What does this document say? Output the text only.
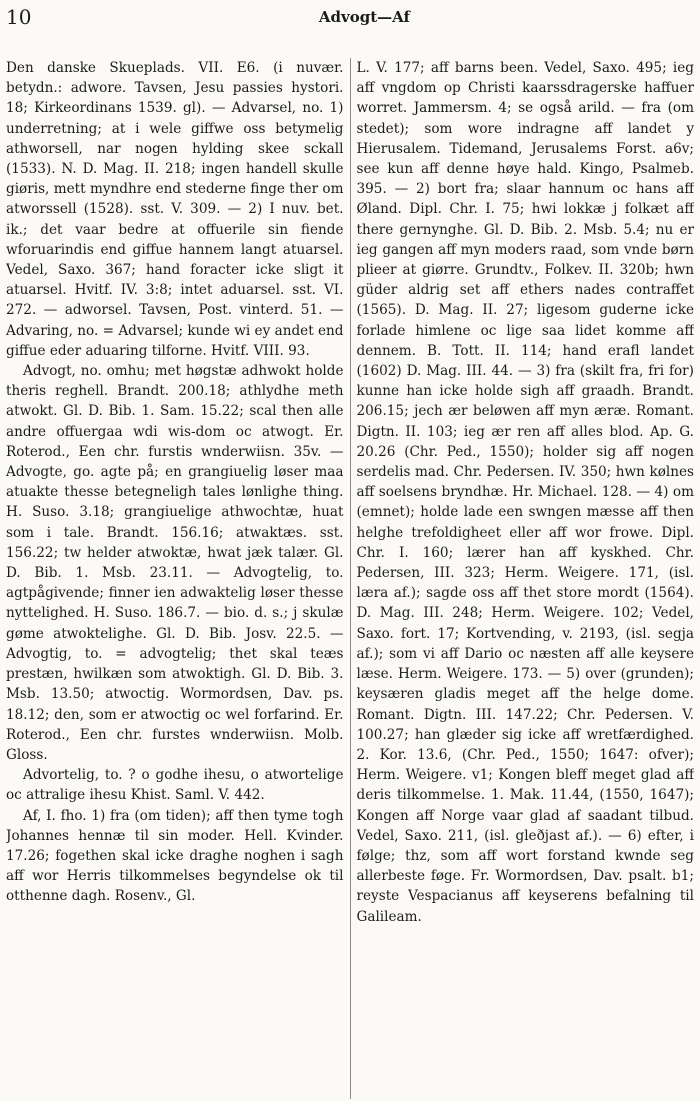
10	Advogt—Af

Den danske Skueplads. VII. E6. (i nuvær. betydn.: adwore. Tavsen, Jesu passies hystori. 18; Kirkeordinans 1539. gl). — Advarsel, no. 1) underretning; at i wele giffwe oss betymelig athworsell, nar nogen hylding skee sckall (1533). N. D. Mag. II. 218; ingen handell skulle giøris, mett myndhre end stederne finge ther om atworssell (1528). sst. V. 309. — 2) I nuv. bet. ik.; det vaar bedre at offuerile sin fiende wforuarindis end giffue hannem langt atuarsel. Vedel, Saxo. 367; hand foracter icke sligt it atuarsel. Hvitf. IV. 3:8; intet aduarsel. sst. VI. 272. — adworsel. Tavsen, Post. vinterd. 51. — Advaring, no. = Advarsel; kunde wi ey andet end giffue eder aduaring tilforne. Hvitf. VIII. 93.

Advogt, no. omhu; met høgstæ adhwokt holde theris reghell. Brandt. 200.18; athlydhe meth atwokt. Gl. D. Bib. 1. Sam. 15.22; scal then alle andre offuergaa wdi wis-dom oc atwogt. Er. Roterod., Een chr. furstis wnderwiisn. 35v. — Advogte, go. agte på; en grangiuelig løser maa atuakte thesse betegneligh tales lønlighe thing. H. Suso. 3.18; grangiuelige athwochtæ, huat som i tale. Brandt. 156.16; atwaktæs. sst. 156.22; tw helder atwoktæ, hwat jæk talær. Gl. D. Bib. 1. Msb. 23.11. — Advogtelig, to. agtpågivende; finner ien adwaktelig løser thesse nyttelighed. H. Suso. 186.7. — bio. d. s.; j skulæ gøme atwoktelighe. Gl. D. Bib. Josv. 22.5. — Advogtig, to. = advogtelig; thet skal teæs prestæn, hwilkæn som atwoktigh. Gl. D. Bib. 3. Msb. 13.50; atwoctig. Wormordsen, Dav. ps. 18.12; den, som er atwoctig oc wel forfarind. Er. Roterod., Een chr. furstes wnderwiisn. Molb. Gloss.

Advortelig, to. ? o godhe ihesu, o atwortelige oc attralige ihesu Khist. Saml. V. 442.

Af, I. fho. 1) fra (om tiden); aff then tyme togh Johannes hennæ til sin moder. Hell. Kvinder. 17.26; fogethen skal icke draghe noghen i sagh aff wor Herris tilkommelses begyndelse ok til otthenne dagh. Rosenv., Gl.

L. V. 177; aff barns been. Vedel, Saxo. 495; ieg aff vngdom op Christi kaarssdragerske haffuer worret. Jammersm. 4; se også arild. — fra (om stedet); som wore indragne aff landet y Hierusalem. Tidemand, Jerusalems Forst. a6v; see kun aff denne høye hald. Kingo, Psalmeb. 395. — 2) bort fra; slaar hannum oc hans aff Øland. Dipl. Chr. I. 75; hwi lokkæ j folkæt aff there gernynghe. Gl. D. Bib. 2. Msb. 5.4; nu er ieg gangen aff myn moders raad, som vnde børn plieer at giørre. Grundtv., Folkev. II. 320b; hwn güder aldrig set aff ethers nades contraffet (1565). D. Mag. II. 27; ligesom guderne icke forlade himlene oc lige saa lidet komme aff dennem. B. Tott. II. 114; hand erafl landet (1602) D. Mag. III. 44. — 3) fra (skilt fra, fri for) kunne han icke holde sigh aff graadh. Brandt. 206.15; jech ær beløwen aff myn æræ. Romant. Digtn. II. 103; ieg ær ren aff alles blod. Ap. G. 20.26 (Chr. Ped., 1550); holder sig aff nogen serdelis mad. Chr. Pedersen. IV. 350; hwn kølnes aff soelsens bryndhæ. Hr. Michael. 128. — 4) om (emnet); holde lade een swngen mæsse aff then helghe trefoldigheet eller aff wor frowe. Dipl. Chr. I. 160; lærer han aff kyskhed. Chr. Pedersen, III. 323; Herm. Weigere. 171, (isl. læra af.); sagde oss aff thet store mordt (1564). D. Mag. III. 248; Herm. Weigere. 102; Vedel, Saxo. fort. 17; Kortvending, v. 2193, (isl. segja af.); som vi aff Dario oc næsten aff alle keysere læse. Herm. Weigere. 173. — 5) over (grunden); keysæren gladis meget aff the helge dome. Romant. Digtn. III. 147.22; Chr. Pedersen. V. 100.27; han glæder sig icke aff wretfærdighed. 2. Kor. 13.6, (Chr. Ped., 1550; 1647: ofver); Herm. Weigere. v1; Kongen bleff meget glad aff deris tilkommelse. 1. Mak. 11.44, (1550, 1647); Kongen aff Norge vaar glad af saadant tilbud. Vedel, Saxo. 211, (isl. glеðjast af.). — 6) efter, i følge; thz, som aff wort forstand kwnde seg allerbeste føge. Fr. Wormordsen, Dav. psalt. b1; reyste Vespacianus aff keyserens befalning til Galileam.
